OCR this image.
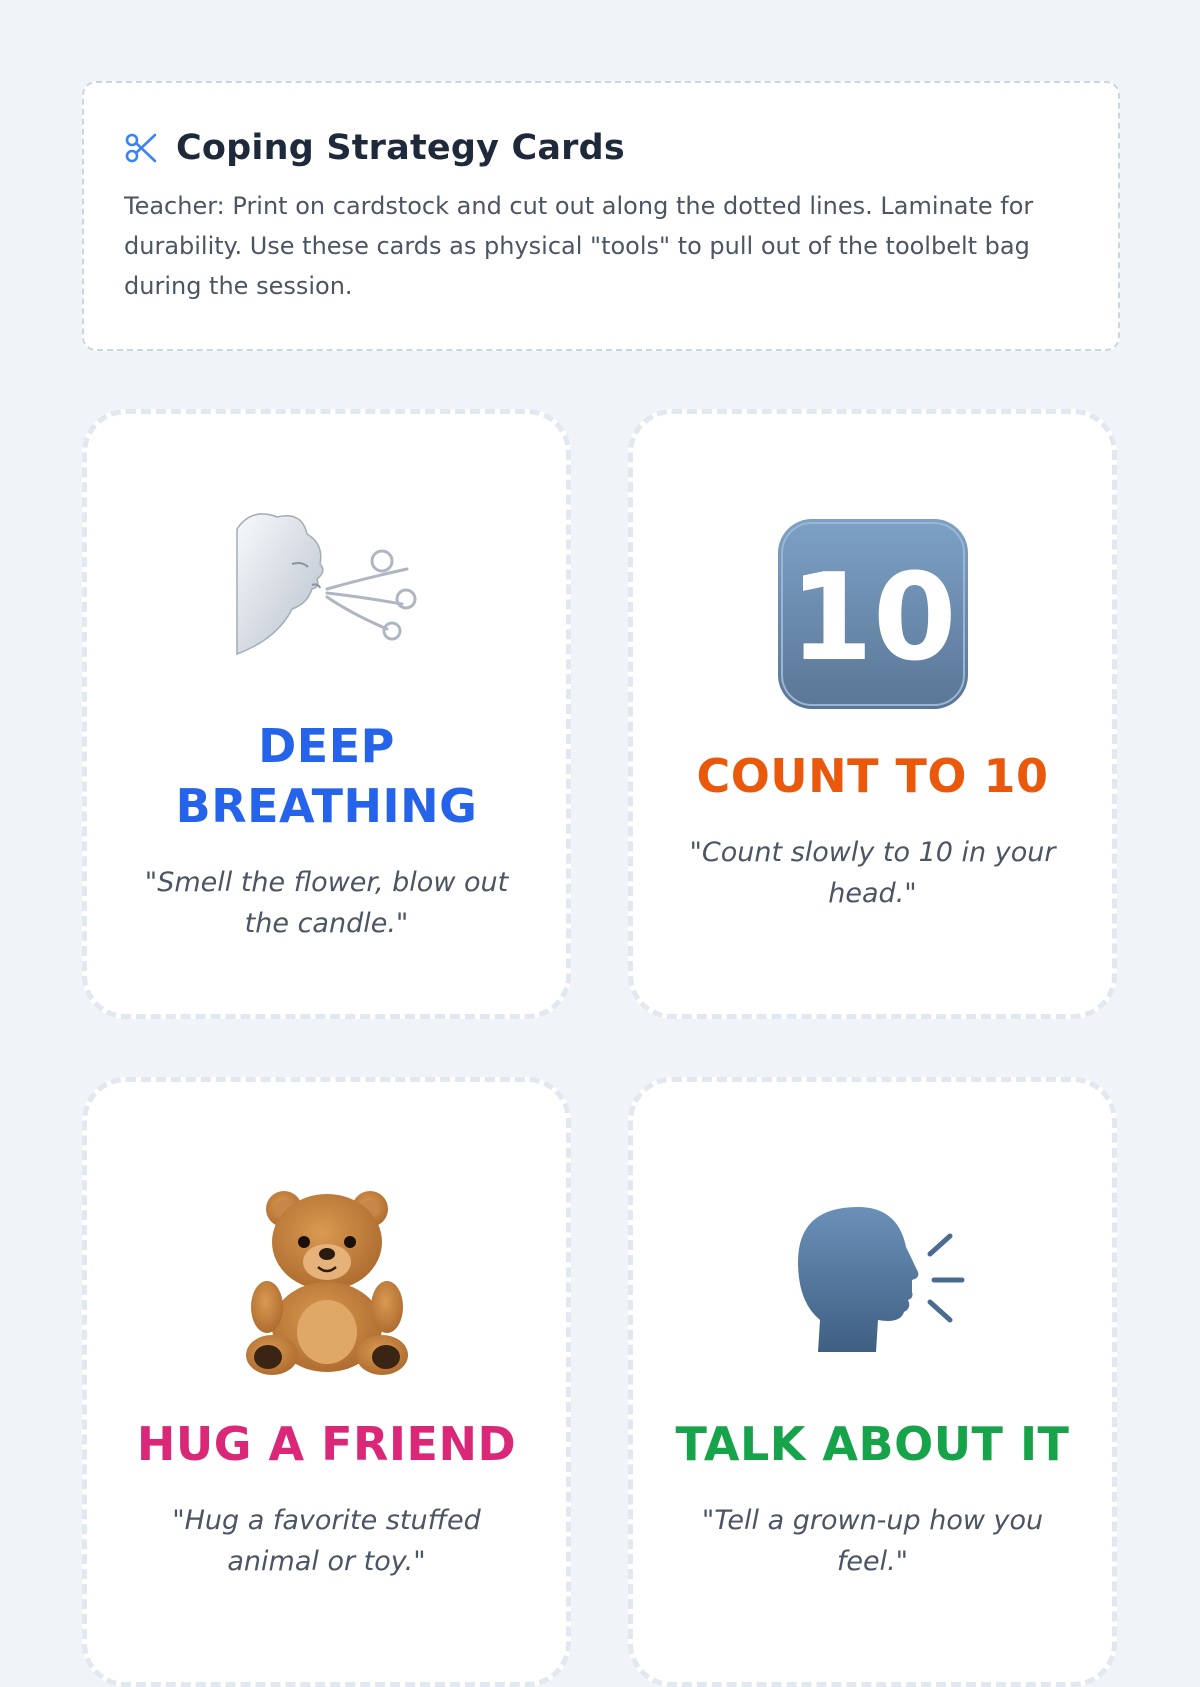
Coping Strategy Cards
Teacher: Print on cardstock and cut out along the dotted lines. Laminate for durability. Use these cards as physical "tools" to pull out of the toolbelt bag during the session.
DEEP BREATHING
"Smell the flower, blow out the candle."
10
COUNT TO 10
"Count slowly to 10 in your head."
HUG A FRIEND
"Hug a favorite stuffed animal or toy."
TALK ABOUT IT
"Tell a grown-up how you feel."
